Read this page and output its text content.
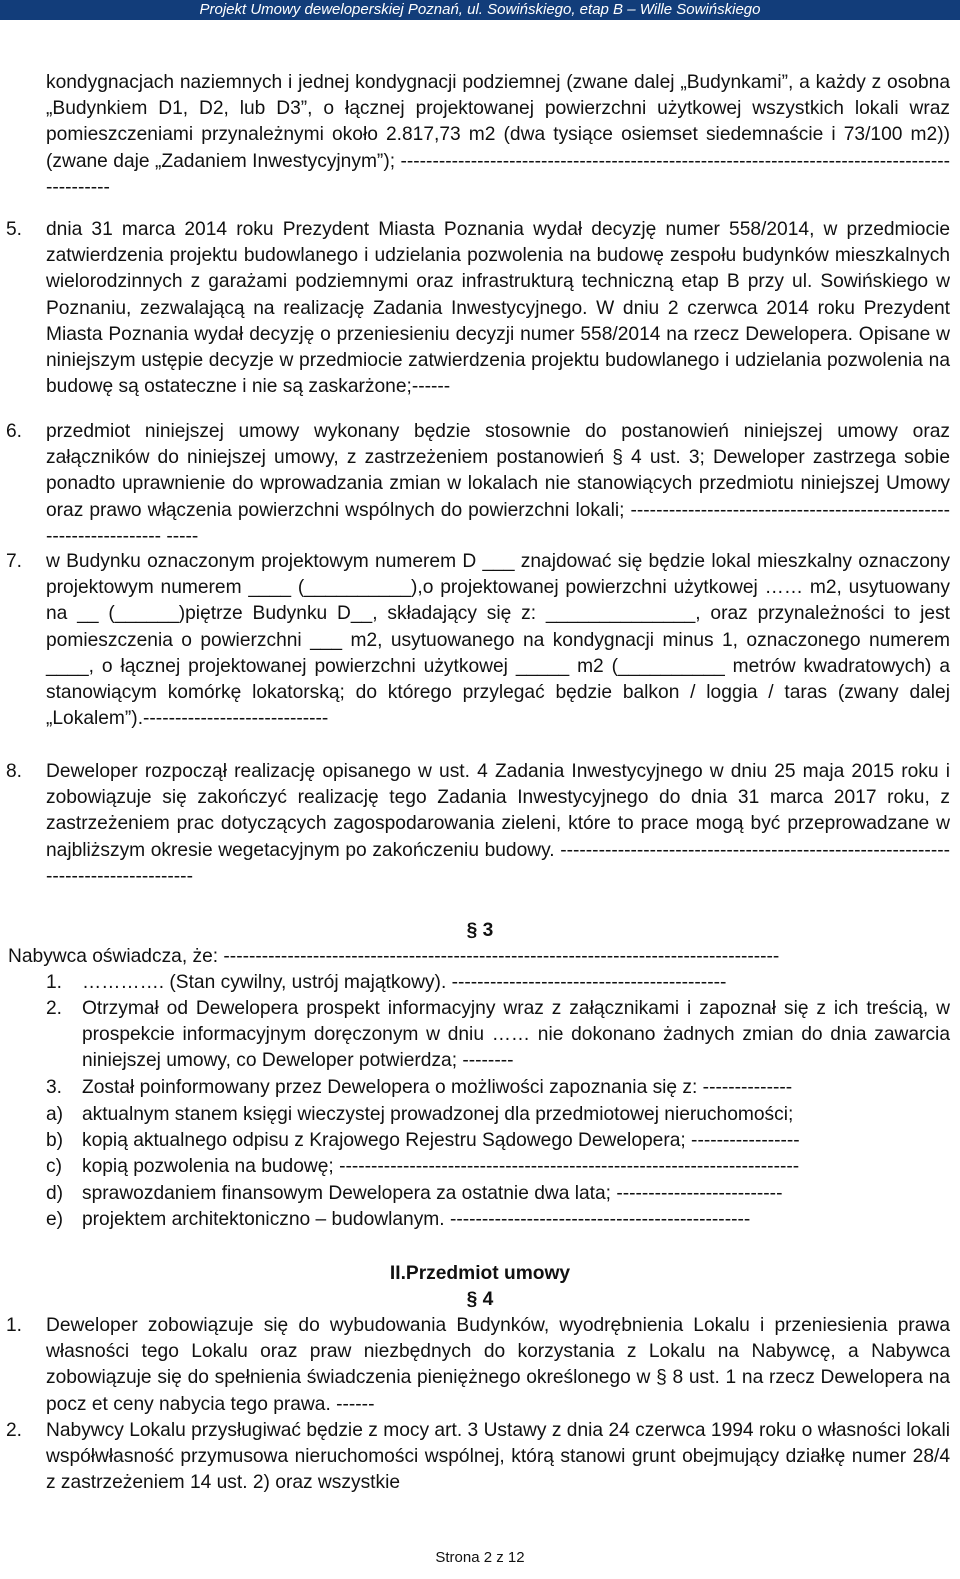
Projekt Umowy deweloperskiej Poznań, ul. Sowińskiego, etap B – Wille Sowińskiego

kondygnacjach naziemnych i jednej kondygnacji podziemnej (zwane dalej „Budynkami”, a każdy z osobna „Budynkiem D1, D2, lub D3”, o łącznej projektowanej powierzchni użytkowej wszystkich lokali wraz pomieszczeniami przynależnymi około 2.817,73 m2 (dwa tysiące osiemset siedemnaście i 73/100 m2)) (zwane daje „Zadaniem Inwestycyjnym”); ------------------------------------------------------------------------------------------------

5.	dnia 31 marca 2014 roku Prezydent Miasta Poznania wydał decyzję numer 558/2014, w przedmiocie zatwierdzenia projektu budowlanego i udzielania pozwolenia na budowę zespołu budynków mieszkalnych wielorodzinnych z garażami podziemnymi oraz infrastrukturą techniczną etap B przy ul. Sowińskiego w Poznaniu, zezwalającą na realizację Zadania Inwestycyjnego. W dniu 2 czerwca 2014 roku Prezydent Miasta Poznania wydał decyzję o przeniesieniu decyzji numer 558/2014 na rzecz Dewelopera. Opisane w niniejszym ustępie decyzje w przedmiocie zatwierdzenia projektu budowlanego i udzielania pozwolenia na budowę są ostateczne i nie są zaskarżone;------

6.	przedmiot niniejszej umowy wykonany będzie stosownie do postanowień niniejszej umowy oraz załączników do niniejszej umowy, z zastrzeżeniem postanowień § 4 ust. 3; Deweloper zastrzega sobie ponadto uprawnienie do wprowadzania zmian w lokalach nie stanowiących przedmiotu niniejszej Umowy oraz prawo włączenia powierzchni wspólnych do powierzchni lokali; -------------------------------------------------------------------- -----

7.	w Budynku oznaczonym projektowym numerem D ___ znajdować się będzie lokal mieszkalny oznaczony projektowym numerem ____ (__________),o projektowanej powierzchni użytkowej …… m2, usytuowany na __ (______)piętrze Budynku D__, składający się z: ______________, oraz przynależności to jest pomieszczenia o powierzchni ___ m2, usytuowanego na kondygnacji minus 1, oznaczonego numerem ____, o łącznej projektowanej powierzchni użytkowej _____ m2 (__________ metrów kwadratowych) a stanowiącym komórkę lokatorską; do którego przylegać będzie balkon / loggia / taras (zwany dalej „Lokalem”).-----------------------------

8.	Deweloper rozpoczął realizację opisanego w ust. 4 Zadania Inwestycyjnego w dniu 25 maja 2015 roku i zobowiązuje się zakończyć realizację tego Zadania Inwestycyjnego do dnia 31 marca 2017 roku, z zastrzeżeniem prac dotyczących zagospodarowania zieleni, które to prace mogą być przeprowadzane w najbliższym okresie wegetacyjnym po zakończeniu budowy. ------------------------------------------------------------------------------------

§ 3

Nabywca oświadcza, że: ---------------------------------------------------------------------------------------

1.	…………. (Stan cywilny, ustrój majątkowy). -------------------------------------------

2.	Otrzymał od Dewelopera prospekt informacyjny wraz z załącznikami i zapoznał się z ich treścią, w prospekcie informacyjnym doręczonym w dniu …… nie dokonano żadnych zmian do dnia zawarcia niniejszej umowy, co Deweloper potwierdza; --------

3.	Został poinformowany przez Dewelopera o możliwości zapoznania się z: --------------

a) aktualnym stanem księgi wieczystej prowadzonej dla przedmiotowej nieruchomości;

b) kopią aktualnego odpisu z Krajowego Rejestru Sądowego Dewelopera; -----------------

c)	kopią pozwolenia na budowę; ------------------------------------------------------------------------

d) sprawozdaniem finansowym Dewelopera za ostatnie dwa lata; --------------------------

e) projektem architektoniczno – budowlanym. -----------------------------------------------

II.Przedmiot umowy
§ 4
1.	Deweloper zobowiązuje się do wybudowania Budynków, wyodrębnienia Lokalu i przeniesienia prawa własności tego Lokalu oraz praw niezbędnych do korzystania z Lokalu na Nabywcę, a Nabywca zobowiązuje się do spełnienia świadczenia pieniężnego określonego w § 8 ust. 1 na rzecz Dewelopera na pocz et ceny nabycia tego prawa. ------

2.	Nabywcy Lokalu przysługiwać będzie z mocy art. 3 Ustawy z dnia 24 czerwca 1994 roku o własności lokali współwłasność przymusowa nieruchomości wspólnej, którą stanowi grunt obejmujący działkę numer 28/4 z zastrzeżeniem 14 ust. 2) oraz wszystkie

Strona 2 z 12
